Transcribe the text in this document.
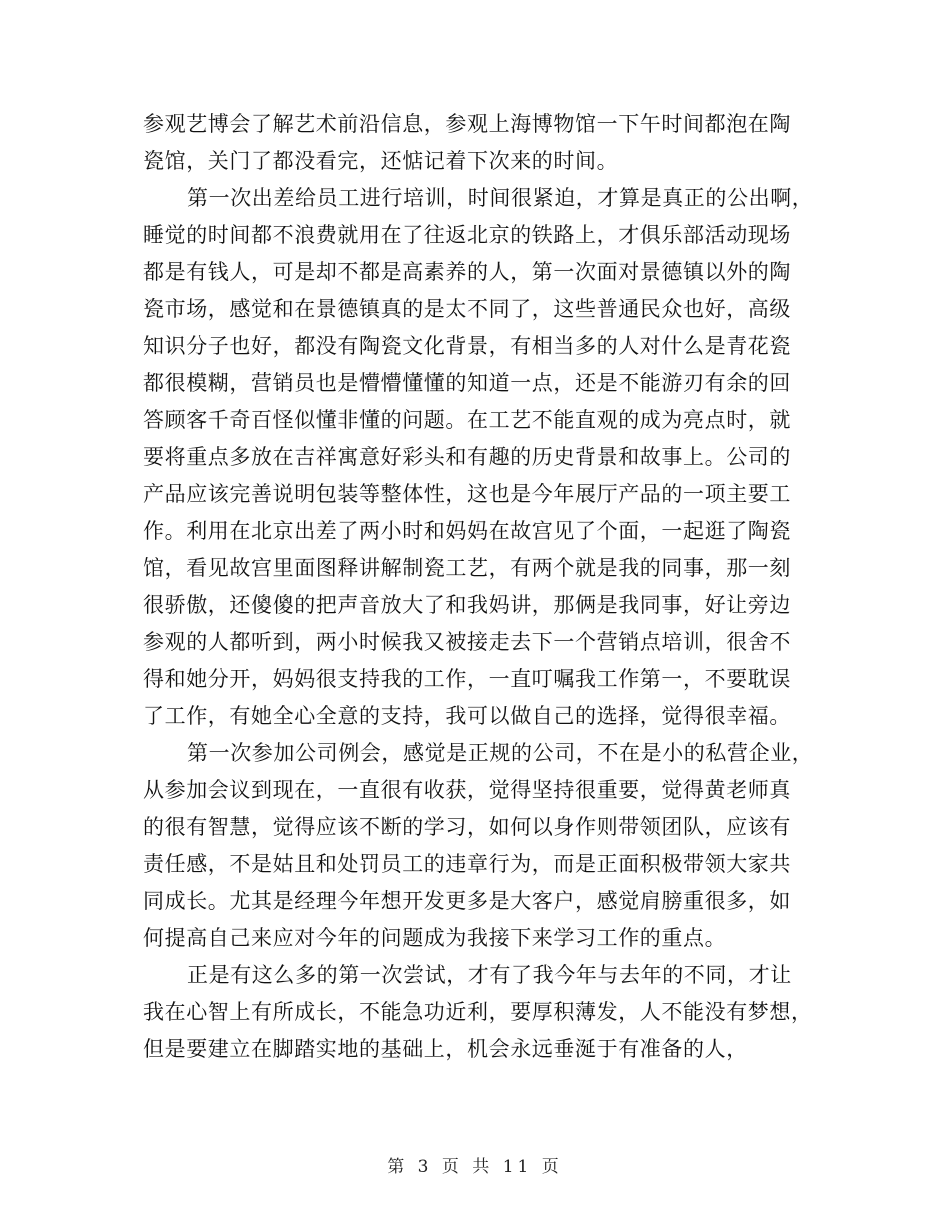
参观艺博会了解艺术前沿信息，参观上海博物馆一下午时间都泡在陶
瓷馆，关门了都没看完，还惦记着下次来的时间。
第一次出差给员工进行培训，时间很紧迫，才算是真正的公出啊，
睡觉的时间都不浪费就用在了往返北京的铁路上，才俱乐部活动现场
都是有钱人，可是却不都是高素养的人，第一次面对景德镇以外的陶
瓷市场，感觉和在景德镇真的是太不同了，这些普通民众也好，高级
知识分子也好，都没有陶瓷文化背景，有相当多的人对什么是青花瓷
都很模糊，营销员也是懵懵懂懂的知道一点，还是不能游刃有余的回
答顾客千奇百怪似懂非懂的问题。在工艺不能直观的成为亮点时，就
要将重点多放在吉祥寓意好彩头和有趣的历史背景和故事上。公司的
产品应该完善说明包装等整体性，这也是今年展厅产品的一项主要工
作。利用在北京出差了两小时和妈妈在故宫见了个面，一起逛了陶瓷
馆，看见故宫里面图释讲解制瓷工艺，有两个就是我的同事，那一刻
很骄傲，还傻傻的把声音放大了和我妈讲，那俩是我同事，好让旁边
参观的人都听到，两小时候我又被接走去下一个营销点培训，很舍不
得和她分开，妈妈很支持我的工作，一直叮嘱我工作第一，不要耽误
了工作，有她全心全意的支持，我可以做自己的选择，觉得很幸福。
第一次参加公司例会，感觉是正规的公司，不在是小的私营企业，
从参加会议到现在，一直很有收获，觉得坚持很重要，觉得黄老师真
的很有智慧，觉得应该不断的学习，如何以身作则带领团队，应该有
责任感，不是姑且和处罚员工的违章行为，而是正面积极带领大家共
同成长。尤其是经理今年想开发更多是大客户，感觉肩膀重很多，如
何提高自己来应对今年的问题成为我接下来学习工作的重点。
正是有这么多的第一次尝试，才有了我今年与去年的不同，才让
我在心智上有所成长，不能急功近利，要厚积薄发，人不能没有梦想，
但是要建立在脚踏实地的基础上，机会永远垂涎于有准备的人，
第 3 页 共 11 页
